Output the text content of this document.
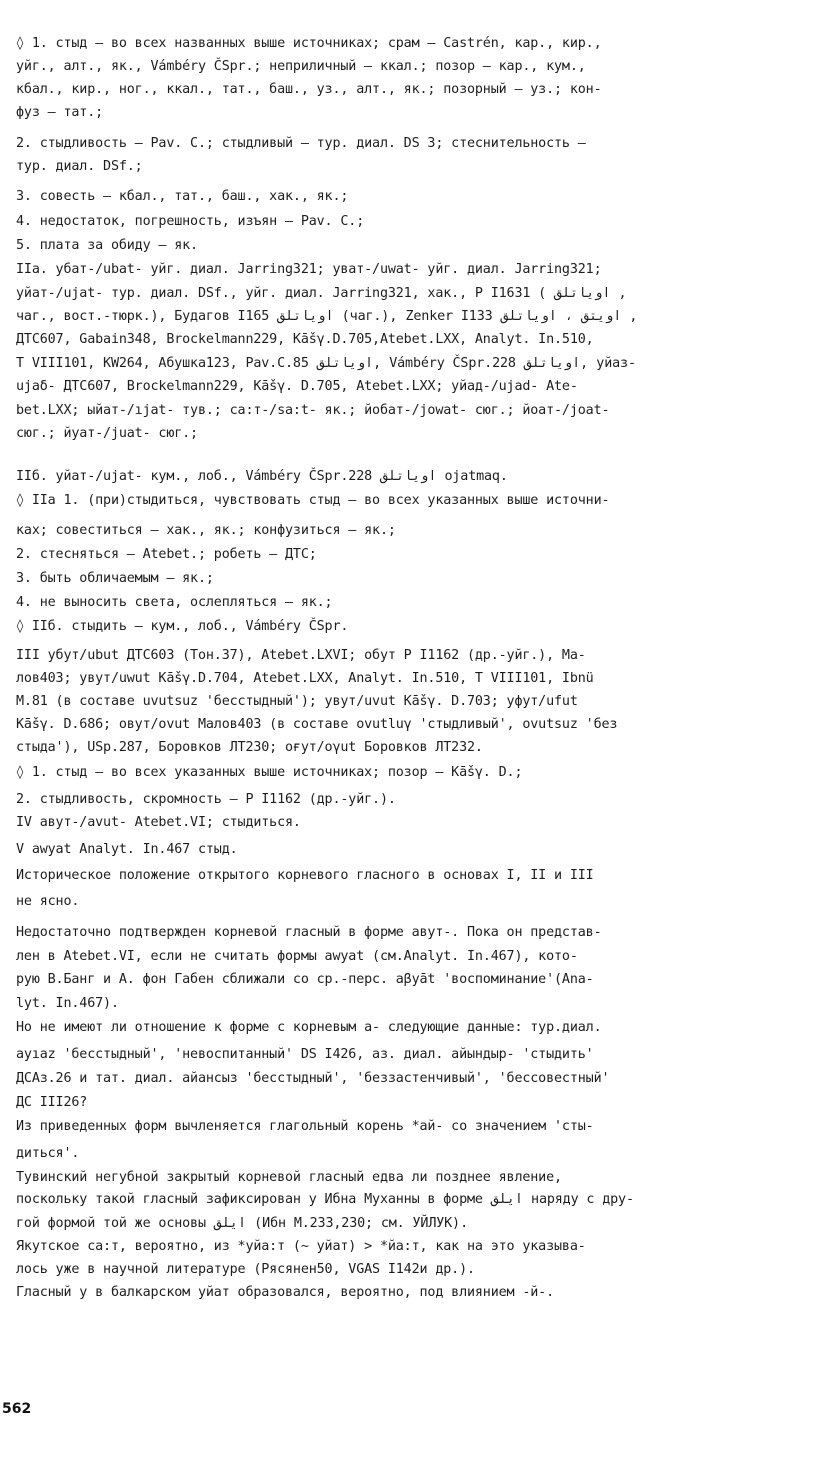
◊ 1. стыд – во всех названных выше источниках; срам – Castrén, кар., кир.,
уйг., алт., як., Vámbéry ČSpr.; неприличный – ккал.; позор – кар., кум.,
кбал., кир., ног., ккал., тат., баш., уз., алт., як.; позорный – уз.; кон-
фуз – тат.;
2. стыдливость – Pav. C.; стыдливый – тур. диал. DS 3; стеснительность –
тур. диал. DSf.;
3. совесть – кбал., тат., баш., хак., як.;
4. недостаток, погрешность, изъян – Pav. C.;
5. плата за обиду – як.
IIa. убат-/ubat- уйг. диал. Jarring321; уват-/uwat- уйг. диал. Jarring321;
уйат-/ujat- тур. диал. DSf., уйг. диал. Jarring321, хак., Р I1631 ( اوياتلق ,
чаг., вост.-тюрк.), Будагов I165 اوياتلق (чаг.), Zenker I133 اويتق ، اوياتلق ,
ДТС607, Gabain348, Brockelmann229, Kāšγ.D.705,Atebet.LXX, Analyt. In.510,
Т VIII101, КW264, Абушка123, Pav.C.85 اوياتلق, Vámbéry ČSpr.228 اوياتلق, уйаз-
ujaδ- ДТС607, Brockelmann229, Kāšγ. D.705, Atebet.LXX; уйад-/ujad- Ate-
bet.LXX; ыйат-/ıjat- тув.; са:т-/sa:t- як.; йобат-/jowat- сюг.; йоат-/joat-
сюг.; йуат-/juat- сюг.;
IIб. уйат-/ujat- кум., лоб., Vámbéry ČSpr.228 اوياتلق ojatmaq.
◊ IIa 1. (при)стыдиться, чувствовать стыд – во всех указанных выше источни-
ках; совеститься – хак., як.; конфузиться – як.;
2. стесняться – Atebet.; робеть – ДТС;
3. быть обличаемым – як.;
4. не выносить света, ослепляться – як.;
◊ IIб. стыдить – кум., лоб., Vámbéry ČSpr.
III убут/ubut ДТС603 (Тон.37), Atebet.LXVI; обут Р I1162 (др.-уйг.), Ма-
лов403; увут/uwut Kāšγ.D.704, Atebet.LXX, Analyt. In.510, Т VIII101, Ibnü
M.81 (в составе uvutsuz 'бесстыдный'); увут/uvut Kāšγ. D.703; уфут/ufut
Kāšγ. D.686; овут/ovut Малов403 (в составе ovutluγ 'стыдливый', ovutsuz 'без
стыда'), USp.287, Боровков ЛТ230; оғут/oγut Боровков ЛТ232.
◊ 1. стыд – во всех указанных выше источниках; позор – Kāšγ. D.;
2. стыдливость, скромность – Р I1162 (др.-уйг.).
IV авут-/avut- Atebet.VI; стыдиться.
V awyat Analyt. In.467 стыд.
Историческое положение открытого корневого гласного в основах I, II и III
не ясно.
Недостаточно подтвержден корневой гласный в форме авут-. Пока он представ-
лен в Atebet.VI, если не считать формы awyat (см.Analyt. In.467), кото-
рую В.Банг и А. фон Габен сближали со ср.-перс. aβyāt 'воспоминание'(Ana-
lyt. In.467).
Но не имеют ли отношение к форме с корневым а- следующие данные: тур.диал.
ayıaz 'бесстыдный', 'невоспитанный' DS I426, аз. диал. айындыр- 'стыдить'
ДСАз.26 и тат. диал. айансыз 'бесстыдный', 'беззастенчивый', 'бессовестный'
ДС III26?
Из приведенных форм вычленяется глагольный корень *ай- со значением 'сты-
диться'.
Тувинский негубной закрытый корневой гласный едва ли позднее явление,
поскольку такой гласный зафиксирован у Ибна Муханны в форме ايلق наряду с дру-
гой формой той же основы ايلق (Ибн М.233,230; см. УЙЛУК).
Якутское са:т, вероятно, из *уйа:т (~ уйат) > *йа:т, как на это указыва-
лось уже в научной литературе (Рясянен50, VGAS I142и др.).
Гласный у в балкарском уйат образовался, вероятно, под влиянием -й-.
562
